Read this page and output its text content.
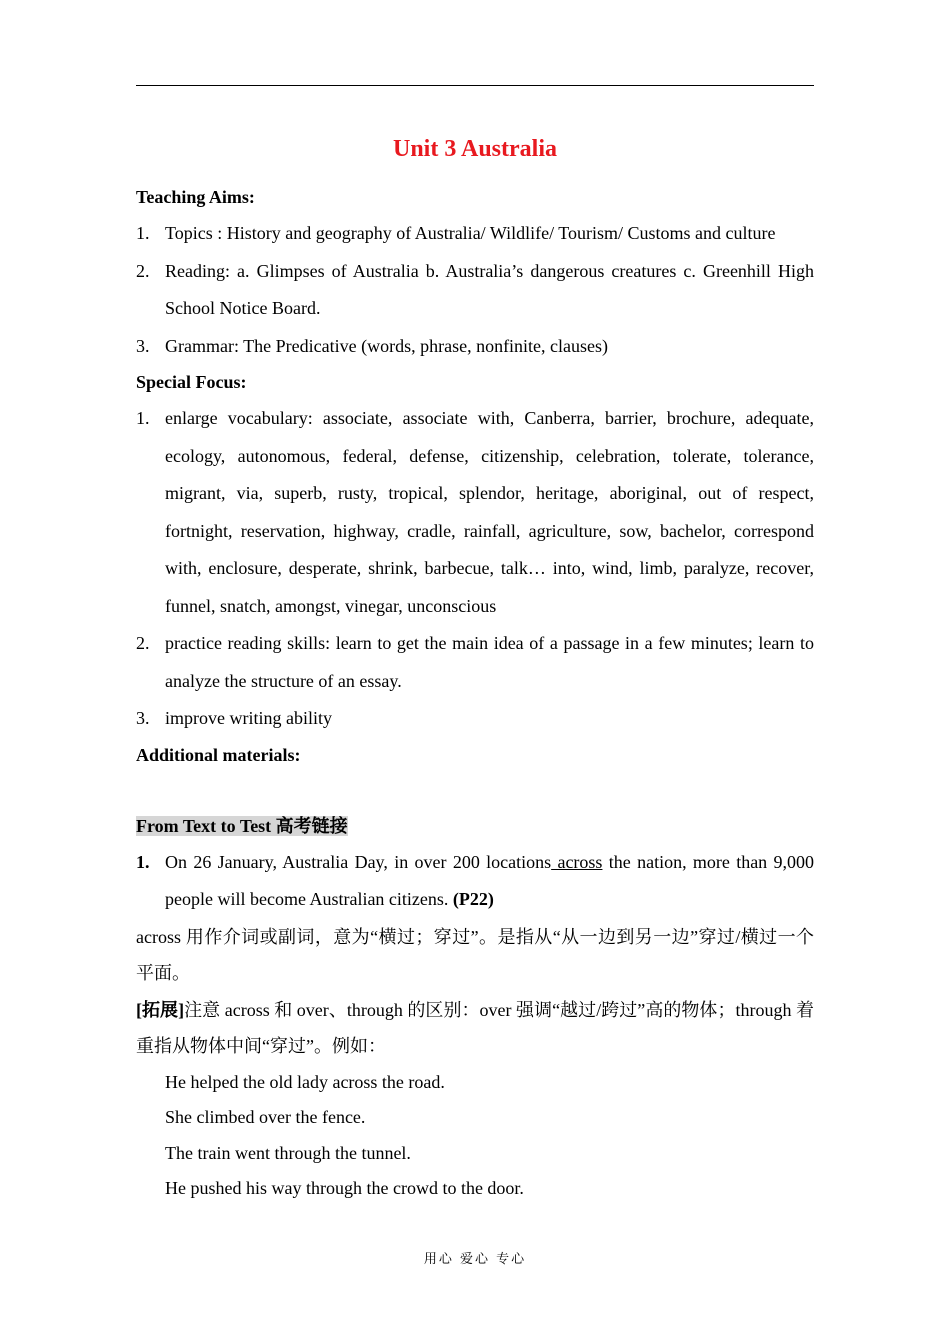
Unit 3 Australia
Teaching Aims:
1. Topics : History and geography of Australia/ Wildlife/ Tourism/ Customs and culture
2. Reading: a. Glimpses of Australia b. Australia’s dangerous creatures c. Greenhill High School Notice Board.
3. Grammar: The Predicative (words, phrase, nonfinite, clauses)
Special Focus:
1. enlarge vocabulary: associate, associate with, Canberra, barrier, brochure, adequate, ecology, autonomous, federal, defense, citizenship, celebration, tolerate, tolerance, migrant, via, superb, rusty, tropical, splendor, heritage, aboriginal, out of respect, fortnight, reservation, highway, cradle, rainfall, agriculture, sow, bachelor, correspond with, enclosure, desperate, shrink, barbecue, talk… into, wind, limb, paralyze, recover, funnel, snatch, amongst, vinegar, unconscious
2. practice reading skills: learn to get the main idea of a passage in a few minutes; learn to analyze the structure of an essay.
3. improve writing ability
Additional materials:
From Text to Test 高考链接
1. On 26 January, Australia Day, in over 200 locations across the nation, more than 9,000 people will become Australian citizens. (P22)
across 用作介词或副词，意为“横过；穿过”。是指从“从一边到另一边”穿过/横过一个平面。
[拓展]注意 across 和 over、through 的区别：over 强调“越过/跨过”高的物体；through 着重指从物体中间“穿过”。例如：
He helped the old lady across the road.
She climbed over the fence.
The train went through the tunnel.
He pushed his way through the crowd to the door.
用心 爱心 专心
